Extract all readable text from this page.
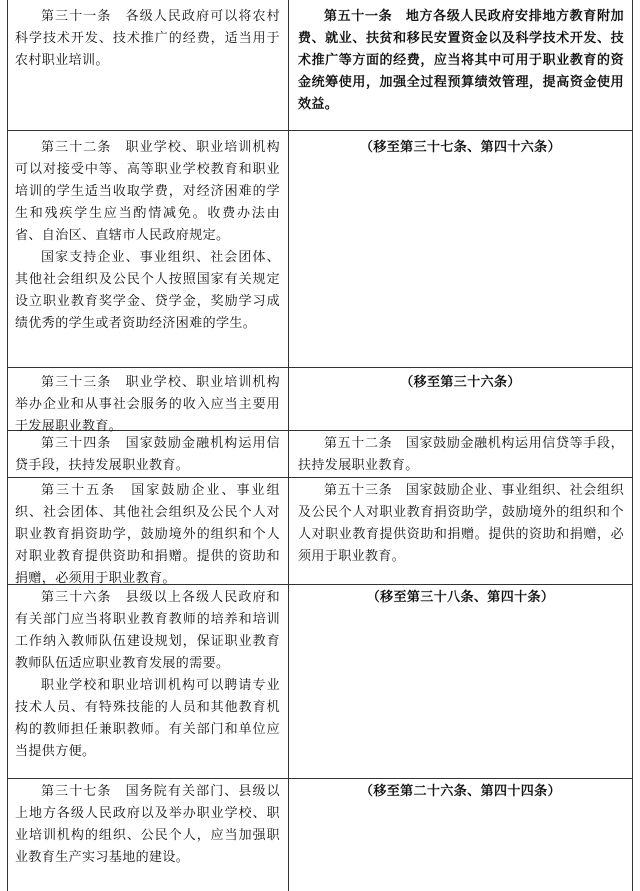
第三十一条　各级人民政府可以将农村科学技术开发、技术推广的经费，适当用于农村职业培训。

第五十一条　地方各级人民政府安排地方教育附加费、就业、扶贫和移民安置资金以及科学技术开发、技术推广等方面的经费，应当将其中可用于职业教育的资金统筹使用，加强全过程预算绩效管理，提高资金使用效益。

第三十二条　职业学校、职业培训机构可以对接受中等、高等职业学校教育和职业培训的学生适当收取学费，对经济困难的学生和残疾学生应当酌情减免。收费办法由省、自治区、直辖市人民政府规定。

国家支持企业、事业组织、社会团体、其他社会组织及公民个人按照国家有关规定设立职业教育奖学金、贷学金，奖励学习成绩优秀的学生或者资助经济困难的学生。

（移至第三十七条、第四十六条）

第三十三条　职业学校、职业培训机构举办企业和从事社会服务的收入应当主要用于发展职业教育。

（移至第三十六条）

第三十四条　国家鼓励金融机构运用信贷手段，扶持发展职业教育。

第五十二条　国家鼓励金融机构运用信贷等手段，扶持发展职业教育。

第三十五条　国家鼓励企业、事业组织、社会团体、其他社会组织及公民个人对职业教育捐资助学，鼓励境外的组织和个人对职业教育提供资助和捐赠。提供的资助和捐赠，必须用于职业教育。

第五十三条　国家鼓励企业、事业组织、社会组织及公民个人对职业教育捐资助学，鼓励境外的组织和个人对职业教育提供资助和捐赠。提供的资助和捐赠，必须用于职业教育。

第三十六条　县级以上各级人民政府和有关部门应当将职业教育教师的培养和培训工作纳入教师队伍建设规划，保证职业教育教师队伍适应职业教育发展的需要。

职业学校和职业培训机构可以聘请专业技术人员、有特殊技能的人员和其他教育机构的教师担任兼职教师。有关部门和单位应当提供方便。

（移至第三十八条、第四十条）

第三十七条　国务院有关部门、县级以上地方各级人民政府以及举办职业学校、职业培训机构的组织、公民个人，应当加强职业教育生产实习基地的建设。

（移至第二十六条、第四十四条）
